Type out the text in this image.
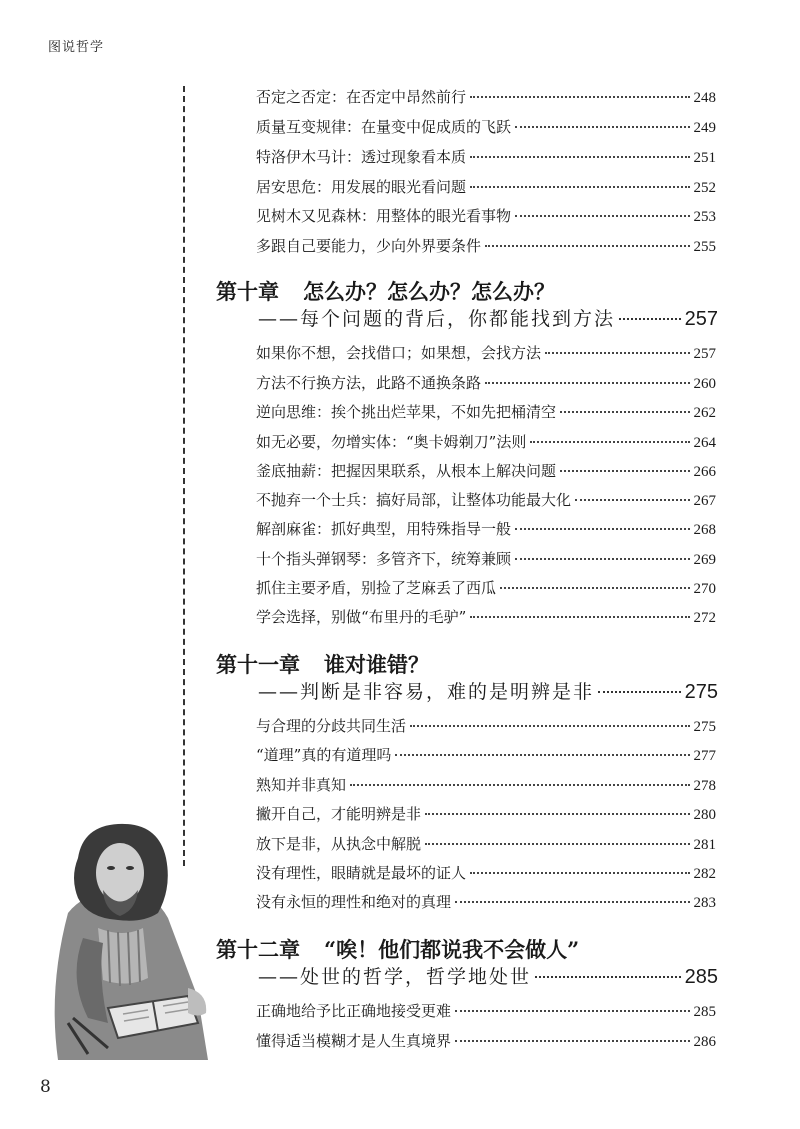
图说哲学
否定之否定：在否定中昂然前行	248
质量互变规律：在量变中促成质的飞跃	249
特洛伊木马计：透过现象看本质	251
居安思危：用发展的眼光看问题	252
见树木又见森林：用整体的眼光看事物	253
多跟自己要能力，少向外界要条件	255
第十章 怎么办？怎么办？怎么办？
——每个问题的背后，你都能找到方法	257
如果你不想，会找借口；如果想，会找方法	257
方法不行换方法，此路不通换条路	260
逆向思维：挨个挑出烂苹果，不如先把桶清空	262
如无必要，勿增实体：“奥卡姆剃刀”法则	264
釜底抽薪：把握因果联系，从根本上解决问题	266
不抛弃一个士兵：搞好局部，让整体功能最大化	267
解剖麻雀：抓好典型，用特殊指导一般	268
十个指头弹钢琴：多管齐下，统筹兼顾	269
抓住主要矛盾，别捡了芝麻丢了西瓜	270
学会选择，别做“布里丹的毛驴”	272
第十一章 谁对谁错？
——判断是非容易，难的是明辨是非	275
与合理的分歧共同生活	275
“道理”真的有道理吗	277
熟知并非真知	278
撇开自己，才能明辨是非	280
放下是非，从执念中解脱	281
没有理性，眼睛就是最坏的证人	282
没有永恒的理性和绝对的真理	283
第十二章 “唉！他们都说我不会做人”
——处世的哲学，哲学地处世	285
正确地给予比正确地接受更难	285
懂得适当模糊才是人生真境界	286
8
